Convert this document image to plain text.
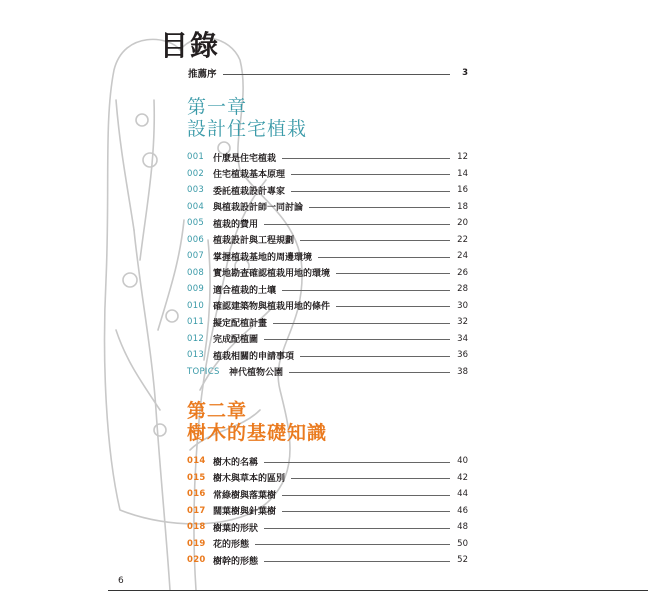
目錄
推薦序	3
第一章
設計住宅植栽
001 什麼是住宅植栽	12
002 住宅植栽基本原理	14
003 委託植栽設計專家	16
004 與植栽設計師一同討論	18
005 植栽的費用	20
006 植栽設計與工程規劃	22
007 掌握植栽基地的周邊環境	24
008 實地勘查確認植栽用地的環境	26
009 適合植栽的土壤	28
010 確認建築物與植栽用地的條件	30
011 擬定配植計畫	32
012 完成配植圖	34
013 植栽相關的申請事項	36
TOPICS	神代植物公園	38
第二章
樹木的基礎知識
014 樹木的名稱	40
015 樹木與草本的區別	42
016 常綠樹與落葉樹	44
017 闊葉樹與針葉樹	46
018 樹葉的形狀	48
019 花的形態	50
020 樹幹的形態	52
6
